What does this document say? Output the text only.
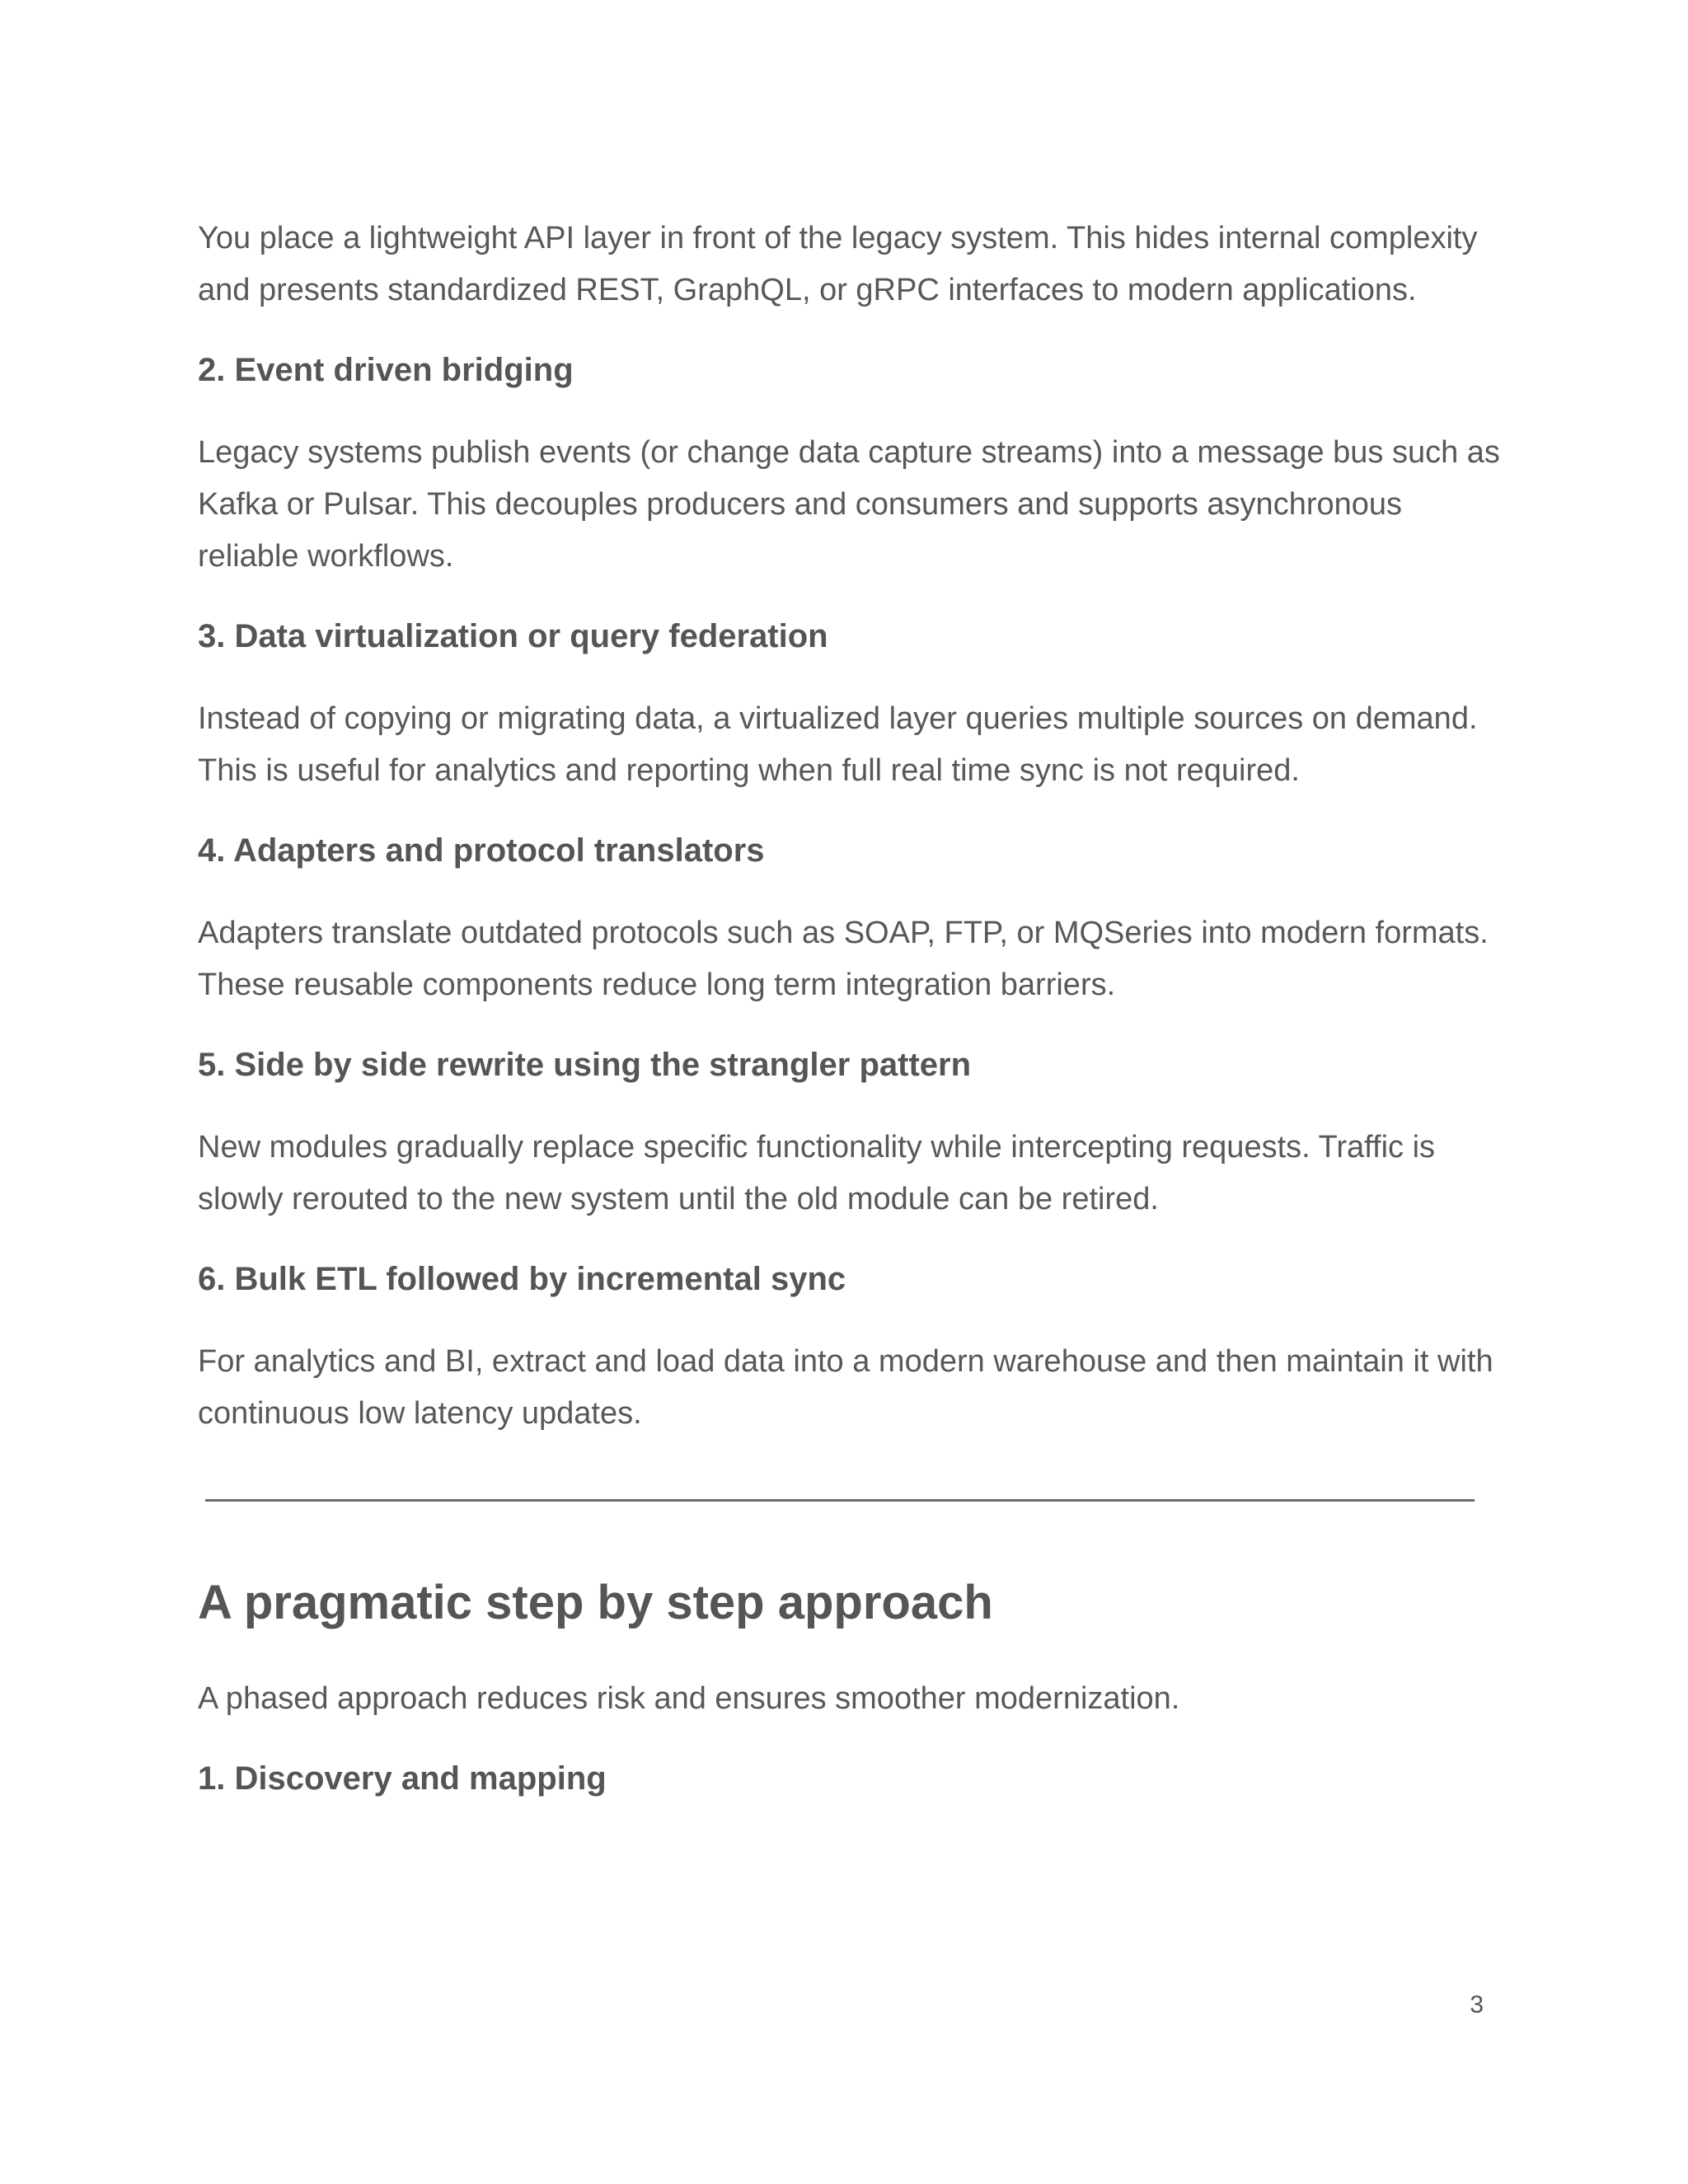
You place a lightweight API layer in front of the legacy system. This hides internal complexity and presents standardized REST, GraphQL, or gRPC interfaces to modern applications.

2. Event driven bridging

Legacy systems publish events (or change data capture streams) into a message bus such as Kafka or Pulsar. This decouples producers and consumers and supports asynchronous reliable workflows.

3. Data virtualization or query federation

Instead of copying or migrating data, a virtualized layer queries multiple sources on demand. This is useful for analytics and reporting when full real time sync is not required.

4. Adapters and protocol translators

Adapters translate outdated protocols such as SOAP, FTP, or MQSeries into modern formats. These reusable components reduce long term integration barriers.

5. Side by side rewrite using the strangler pattern

New modules gradually replace specific functionality while intercepting requests. Traffic is slowly rerouted to the new system until the old module can be retired.

6. Bulk ETL followed by incremental sync

For analytics and BI, extract and load data into a modern warehouse and then maintain it with continuous low latency updates.

A pragmatic step by step approach

A phased approach reduces risk and ensures smoother modernization.

1. Discovery and mapping
3
